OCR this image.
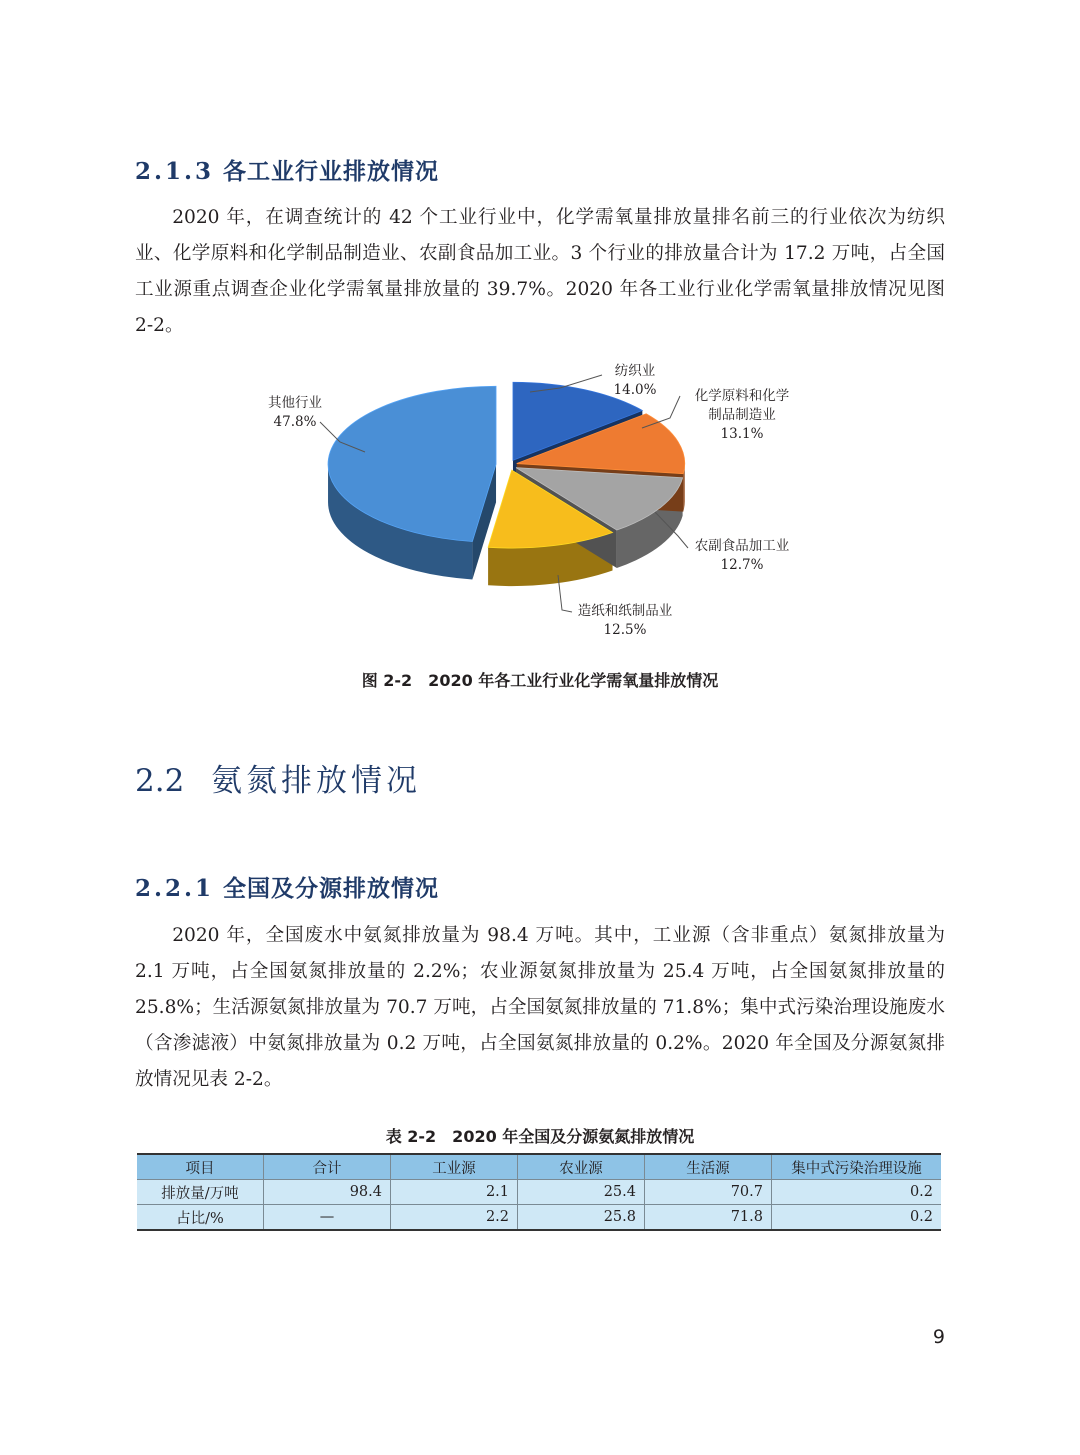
2.1.3 各工业行业排放情况

2020 年，在调查统计的 42 个工业行业中，化学需氧量排放量排名前三的行业依次为纺织业、化学原料和化学制品制造业、农副食品加工业。3 个行业的排放量合计为 17.2 万吨，占全国工业源重点调查企业化学需氧量排放量的 39.7%。2020 年各工业行业化学需氧量排放情况见图 2-2。

纺织业
14.0%	化学原料和化学
制品制造业
13.1%
农副食品加工业
12.7%
造纸和纸制品业
12.5%
其他行业
47.8%

图 2-2　2020 年各工业行业化学需氧量排放情况

2.2 氨氮排放情况
2.2.1 全国及分源排放情况

2020 年，全国废水中氨氮排放量为 98.4 万吨。其中，工业源（含非重点）氨氮排放量为 2.1 万吨，占全国氨氮排放量的 2.2%；农业源氨氮排放量为 25.4 万吨，占全国氨氮排放量的 25.8%；生活源氨氮排放量为 70.7 万吨，占全国氨氮排放量的 71.8%；集中式污染治理设施废水（含渗滤液）中氨氮排放量为 0.2 万吨，占全国氨氮排放量的 0.2%。2020 年全国及分源氨氮排放情况见表 2-2。

表 2-2　2020 年全国及分源氨氮排放情况

项目	合计	工业源	农业源	生活源	集中式污染治理设施
排放量/万吨	98.4	2.1	25.4	70.7	0.2
占比/%	—	2.2	25.8	71.8	0.2
9
